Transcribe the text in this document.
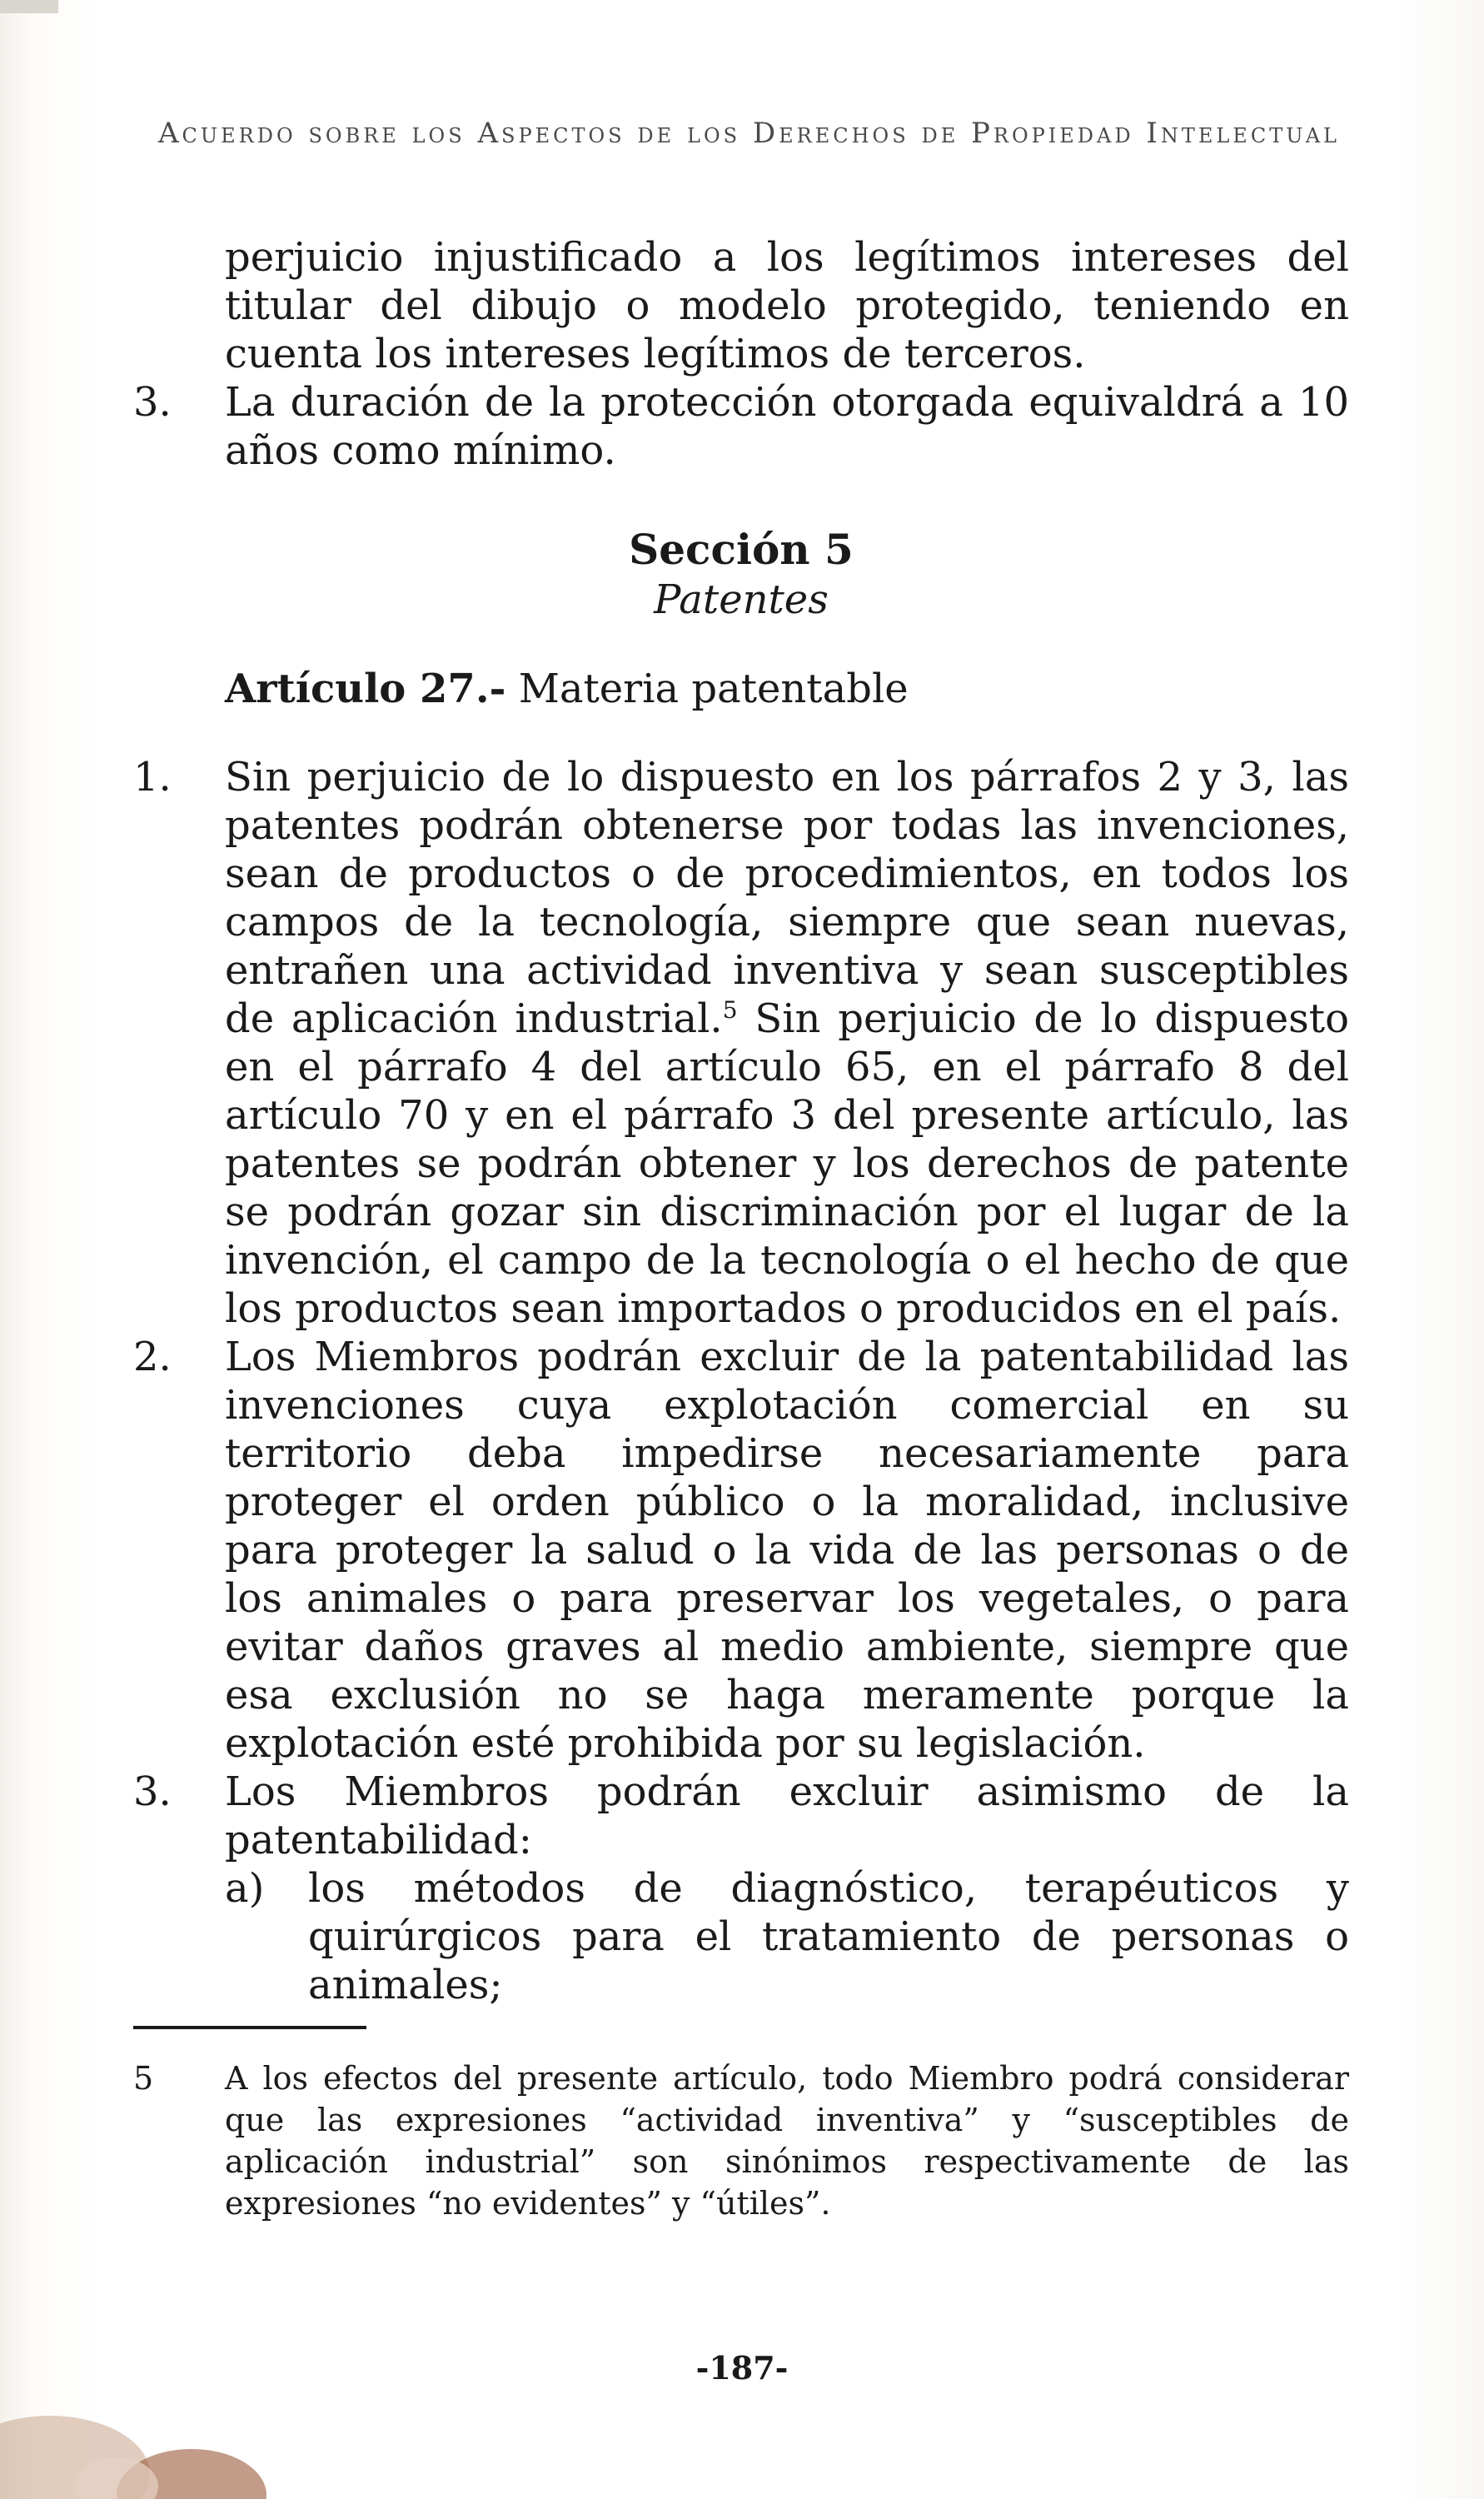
Acuerdo sobre los Aspectos de los Derechos de Propiedad Intelectual

perjuicio injustificado a los legítimos intereses del titular del dibujo o modelo protegido, teniendo en cuenta los intereses legítimos de terceros.

3.	La duración de la protección otorgada equivaldrá a 10 años como mínimo.
Sección 5
Patentes
Artículo 27.- Materia patentable
1.	Sin perjuicio de lo dispuesto en los párrafos 2 y 3, las patentes podrán obtenerse por todas las invenciones, sean de productos o de procedimientos, en todos los campos de la tecnología, siempre que sean nuevas, entrañen una actividad inventiva y sean susceptibles de aplicación industrial.$^5$ Sin perjuicio de lo dispuesto en el párrafo 4 del artículo 65, en el párrafo 8 del artículo 70 y en el párrafo 3 del presente artículo, las patentes se podrán obtener y los derechos de patente se podrán gozar sin discriminación por el lugar de la invención, el campo de la tecnología o el hecho de que los productos sean importados o producidos en el país.
2.	Los Miembros podrán excluir de la patentabilidad las invenciones cuya explotación comercial en su territorio deba impedirse necesariamente para proteger el orden público o la moralidad, inclusive para proteger la salud o la vida de las personas o de los animales o para preservar los vegetales, o para evitar daños graves al medio ambiente, siempre que esa exclusión no se haga meramente porque la explotación esté prohibida por su legislación.
3.	Los Miembros podrán excluir asimismo de la patentabilidad:
a)	los métodos de diagnóstico, terapéuticos y quirúrgicos para el tratamiento de personas o animales;
5	A los efectos del presente artículo, todo Miembro podrá considerar que las expresiones “actividad inventiva” y “susceptibles de aplicación industrial” son sinónimos respectivamente de las expresiones “no evidentes” y “útiles”.
-187-
